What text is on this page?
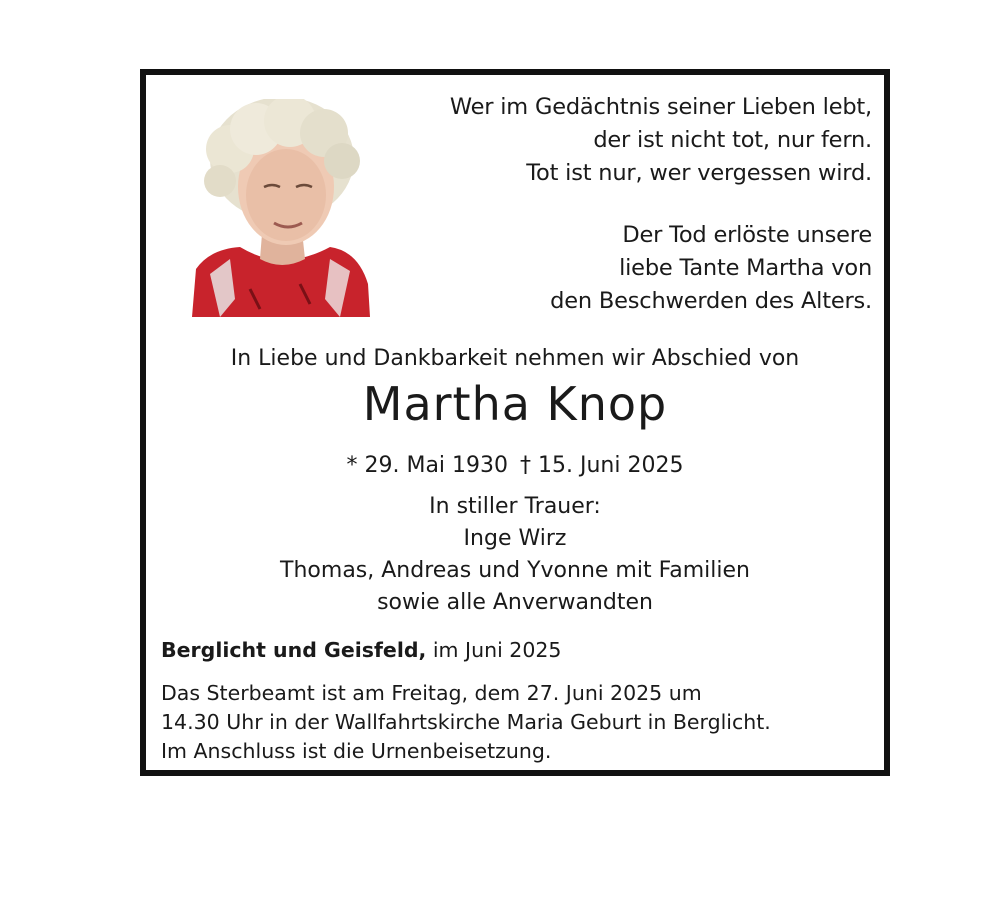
Wer im Gedächtnis seiner Lieben lebt,
der ist nicht tot, nur fern.
Tot ist nur, wer vergessen wird.
Der Tod erlöste unsere
liebe Tante Martha von
den Beschwerden des Alters.
In Liebe und Dankbarkeit nehmen wir Abschied von
Martha Knop
* 29. Mai 1930 † 15. Juni 2025
In stiller Trauer:
Inge Wirz
Thomas, Andreas und Yvonne mit Familien
sowie alle Anverwandten
Berglicht und Geisfeld, im Juni 2025
Das Sterbeamt ist am Freitag, dem 27. Juni 2025 um
14.30 Uhr in der Wallfahrtskirche Maria Geburt in Berglicht.
Im Anschluss ist die Urnenbeisetzung.
